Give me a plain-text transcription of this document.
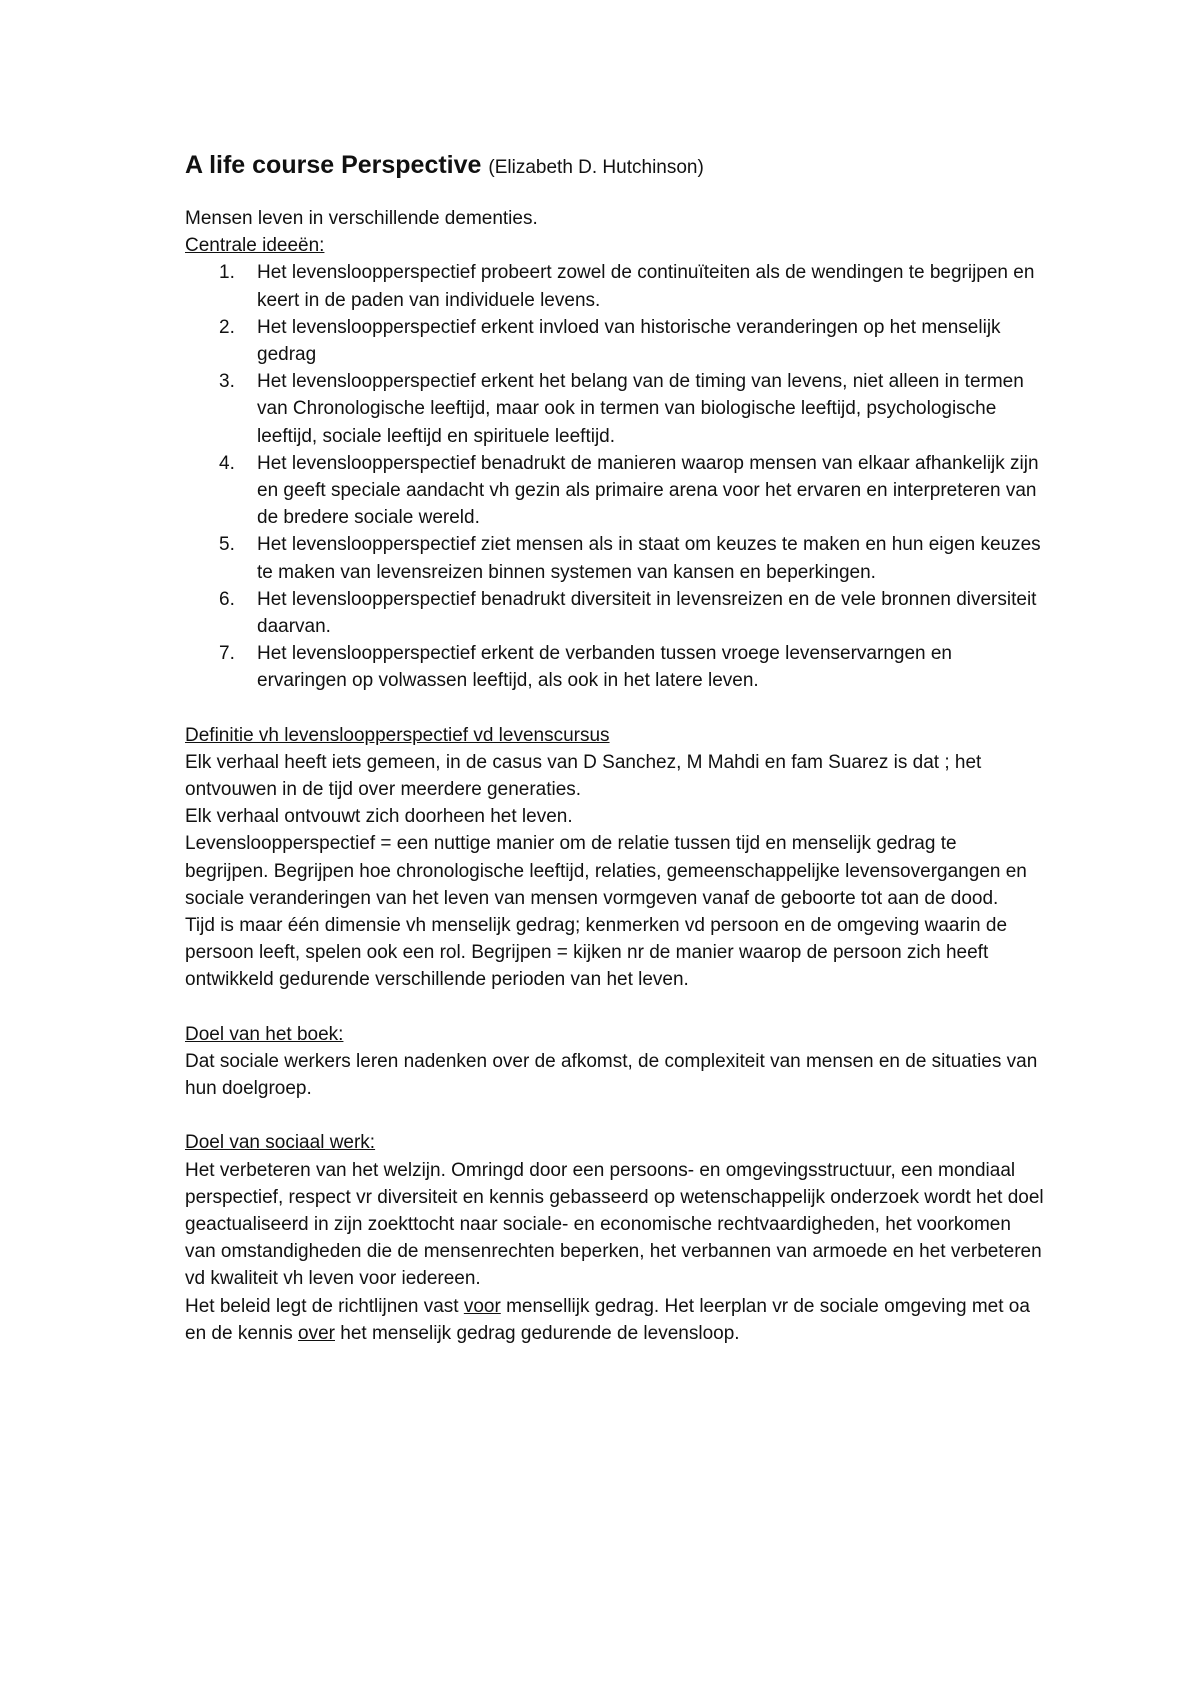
A life course Perspective (Elizabeth D. Hutchinson)

Mensen leven in verschillende dementies.

Centrale ideeën:

1. Het levensloopperspectief probeert zowel de continuïteiten als de wendingen te begrijpen en keert in de paden van individuele levens.
2. Het levensloopperspectief erkent invloed van historische veranderingen op het menselijk gedrag
3. Het levensloopperspectief erkent het belang van de timing van levens, niet alleen in termen van Chronologische leeftijd, maar ook in termen van biologische leeftijd, psychologische leeftijd, sociale leeftijd en spirituele leeftijd.
4. Het levensloopperspectief benadrukt de manieren waarop mensen van elkaar afhankelijk zijn en geeft speciale aandacht vh gezin als primaire arena voor het ervaren en interpreteren van de bredere sociale wereld.
5. Het levensloopperspectief ziet mensen als in staat om keuzes te maken en hun eigen keuzes te maken van levensreizen binnen systemen van kansen en beperkingen.
6. Het levensloopperspectief benadrukt diversiteit in levensreizen en de vele bronnen diversiteit daarvan.
7. Het levensloopperspectief erkent de verbanden tussen vroege levenservarngen en ervaringen op volwassen leeftijd, als ook in het latere leven.

Definitie vh levensloopperspectief vd levenscursus

Elk verhaal heeft iets gemeen, in de casus van D Sanchez, M Mahdi en fam Suarez is dat ; het ontvouwen in de tijd over meerdere generaties.

Elk verhaal ontvouwt zich doorheen het leven.

Levensloopperspectief = een nuttige manier om de relatie tussen tijd en menselijk gedrag te begrijpen. Begrijpen hoe chronologische leeftijd, relaties, gemeenschappelijke levensovergangen en sociale veranderingen van het leven van mensen vormgeven vanaf de geboorte tot aan de dood.

Tijd is maar één dimensie vh menselijk gedrag; kenmerken vd persoon en de omgeving waarin de persoon leeft, spelen ook een rol. Begrijpen = kijken nr de manier waarop de persoon zich heeft ontwikkeld gedurende verschillende perioden van het leven.

Doel van het boek:

Dat sociale werkers leren nadenken over de afkomst, de complexiteit van mensen en de situaties van hun doelgroep.

Doel van sociaal werk:

Het verbeteren van het welzijn. Omringd door een persoons- en omgevingsstructuur, een mondiaal perspectief, respect vr diversiteit en kennis gebasseerd op wetenschappelijk onderzoek wordt het doel geactualiseerd in zijn zoekttocht naar sociale- en economische rechtvaardigheden, het voorkomen van omstandigheden die de mensenrechten beperken, het verbannen van armoede en het verbeteren vd kwaliteit vh leven voor iedereen.

Het beleid legt de richtlijnen vast voor mensellijk gedrag. Het leerplan vr de sociale omgeving met oa en de kennis over het menselijk gedrag gedurende de levensloop.
